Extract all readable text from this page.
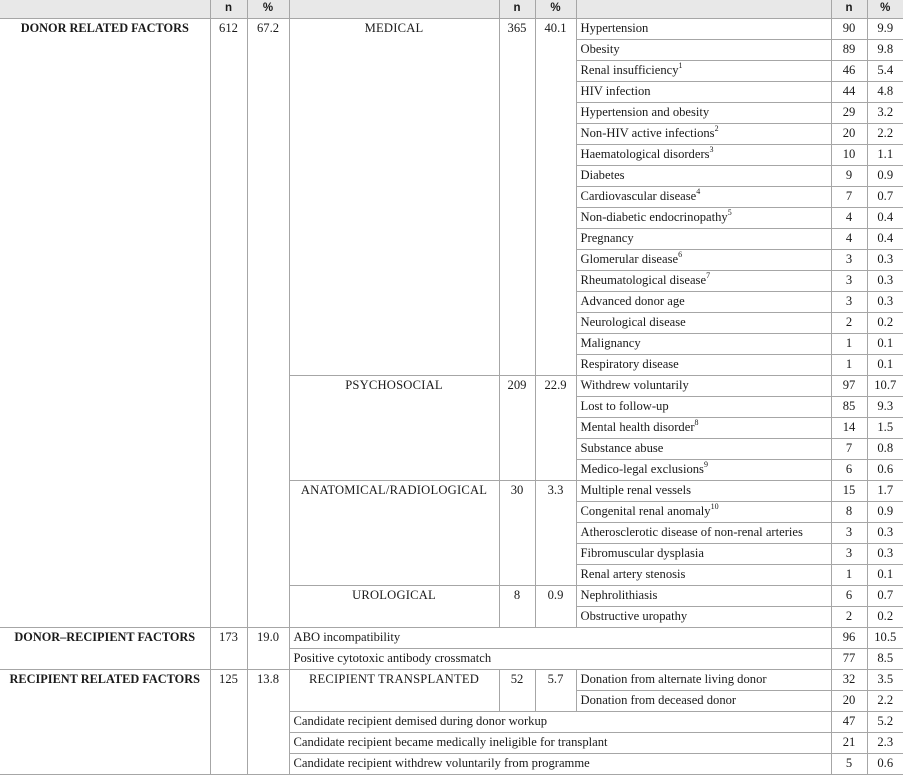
	n	%		n	%		n	%
DONOR RELATED FACTORS	612	67.2	MEDICAL	365	40.1	Hypertension	90	9.9
						Obesity	89	9.8
						Renal insufficiency$^1$	46	5.4
						HIV infection	44	4.8
						Hypertension and obesity	29	3.2
						Non-HIV active infections$^2$	20	2.2
						Haematological disorders$^3$	10	1.1
						Diabetes	9	0.9
						Cardiovascular disease$^4$	7	0.7
						Non-diabetic endocrinopathy$^5$	4	0.4
						Pregnancy	4	0.4
						Glomerular disease$^6$	3	0.3
						Rheumatological disease$^7$	3	0.3
						Advanced donor age	3	0.3
						Neurological disease	2	0.2
						Malignancy	1	0.1
						Respiratory disease	1	0.1
			PSYCHOSOCIAL	209	22.9	Withdrew voluntarily	97	10.7
						Lost to follow-up	85	9.3
						Mental health disorder$^8$	14	1.5
						Substance abuse	7	0.8
						Medico-legal exclusions$^9$	6	0.6
			ANATOMICAL/RADIOLOGICAL	30	3.3	Multiple renal vessels	15	1.7
						Congenital renal anomaly$^{10}$	8	0.9
						Atherosclerotic disease of non-renal arteries	3	0.3
						Fibromuscular dysplasia	3	0.3
						Renal artery stenosis	1	0.1
			UROLOGICAL	8	0.9	Nephrolithiasis	6	0.7
						Obstructive uropathy	2	0.2
DONOR–RECIPIENT FACTORS	173	19.0	ABO incompatibility				96	10.5
			Positive cytotoxic antibody crossmatch				77	8.5
RECIPIENT RELATED FACTORS	125	13.8	RECIPIENT TRANSPLANTED	52	5.7	Donation from alternate living donor	32	3.5
						Donation from deceased donor	20	2.2
			Candidate recipient demised during donor workup				47	5.2
			Candidate recipient became medically ineligible for transplant				21	2.3
			Candidate recipient withdrew voluntarily from programme				5	0.6
